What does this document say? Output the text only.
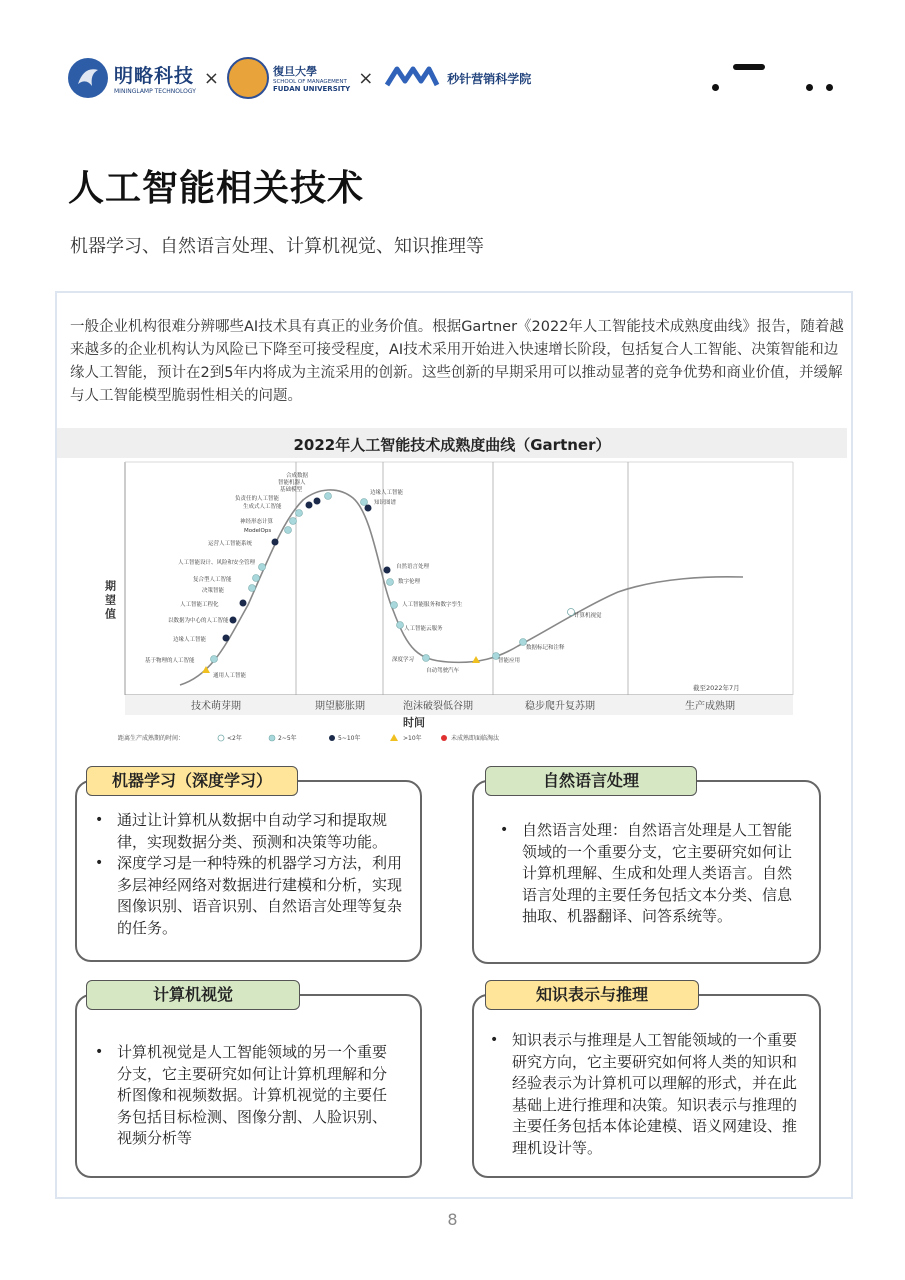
明略科技
MININGLAMP TECHNOLOGY
×	復旦大學
SCHOOL OF MANAGEMENT
FUDAN UNIVERSITY
×	秒针营销科学院
人工智能相关技术
机器学习、自然语言处理、计算机视觉、知识推理等
一般企业机构很难分辨哪些AI技术具有真正的业务价值。根据Gartner《2022年人工智能技术成熟度曲线》报告，随着越来越多的企业机构认为风险已下降至可接受程度，AI技术采用开始进入快速增长阶段，包括复合人工智能、决策智能和边缘人工智能，预计在2到5年内将成为主流采用的创新。这些创新的早期采用可以推动显著的竞争优势和商业价值，并缓解与人工智能模型脆弱性相关的问题。
2022年人工智能技术成熟度曲线（Gartner）
合成数据
智能机器人
基础模型
负责任的人工智能
生成式人工智能
神经形态计算
ModelOps
运营人工智能系统
人工智能设计、风险和安全管理
复合型人工智能
决策智能
人工智能工程化
以数据为中心的人工智能
边缘人工智能
基于物理的人工智能
通用人工智能
边缘人工智能
知识图谱
自然语言处理
数字伦理
人工智能服务和数字孪生
人工智能云服务
深度学习
自动驾驶汽车
智能应用
数据标记和注释
计算机视觉
期望值
截至2022年7月
技术萌芽期	期望膨胀期	泡沫破裂低谷期	稳步爬升复苏期	生产成熟期
时间
距离生产成熟期的时间：	<2年	2~5年	5~10年	>10年	未成熟即面临淘汰
• 通过让计算机从数据中自动学习和提取规律，实现数据分类、预测和决策等功能。
• 深度学习是一种特殊的机器学习方法，利用多层神经网络对数据进行建模和分析，实现图像识别、语音识别、自然语言处理等复杂的任务。
机器学习（深度学习）
• 自然语言处理：自然语言处理是人工智能领域的一个重要分支，它主要研究如何让计算机理解、生成和处理人类语言。自然语言处理的主要任务包括文本分类、信息抽取、机器翻译、问答系统等。
自然语言处理
• 计算机视觉是人工智能领域的另一个重要分支，它主要研究如何让计算机理解和分析图像和视频数据。计算机视觉的主要任务包括目标检测、图像分割、人脸识别、视频分析等
计算机视觉
• 知识表示与推理是人工智能领域的一个重要研究方向，它主要研究如何将人类的知识和经验表示为计算机可以理解的形式，并在此基础上进行推理和决策。知识表示与推理的主要任务包括本体论建模、语义网建设、推理机设计等。
知识表示与推理
8
